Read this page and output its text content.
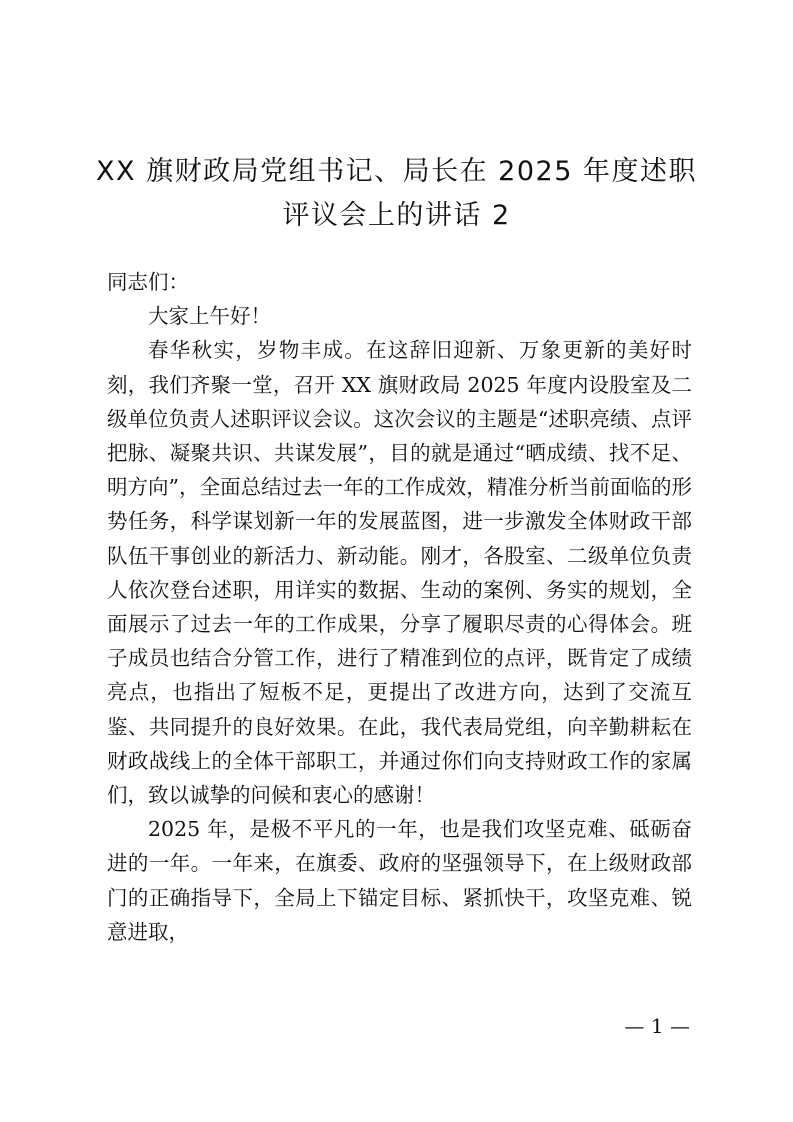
XX 旗财政局党组书记、局长在 2025 年度述职
评议会上的讲话 2

同志们：

大家上午好！

春华秋实，岁物丰成。在这辞旧迎新、万象更新的美好时刻，我们齐聚一堂，召开 XX 旗财政局 2025 年度内设股室及二级单位负责人述职评议会议。这次会议的主题是“述职亮绩、点评把脉、凝聚共识、共谋发展”，目的就是通过“晒成绩、找不足、明方向”，全面总结过去一年的工作成效，精准分析当前面临的形势任务，科学谋划新一年的发展蓝图，进一步激发全体财政干部队伍干事创业的新活力、新动能。刚才，各股室、二级单位负责人依次登台述职，用详实的数据、生动的案例、务实的规划，全面展示了过去一年的工作成果，分享了履职尽责的心得体会。班子成员也结合分管工作，进行了精准到位的点评，既肯定了成绩亮点，也指出了短板不足，更提出了改进方向，达到了交流互鉴、共同提升的良好效果。在此，我代表局党组，向辛勤耕耘在财政战线上的全体干部职工，并通过你们向支持财政工作的家属们，致以诚挚的问候和衷心的感谢！

2025 年，是极不平凡的一年，也是我们攻坚克难、砥砺奋进的一年。一年来，在旗委、政府的坚强领导下，在上级财政部门的正确指导下，全局上下锚定目标、紧抓快干，攻坚克难、锐意进取，

— 1 —
